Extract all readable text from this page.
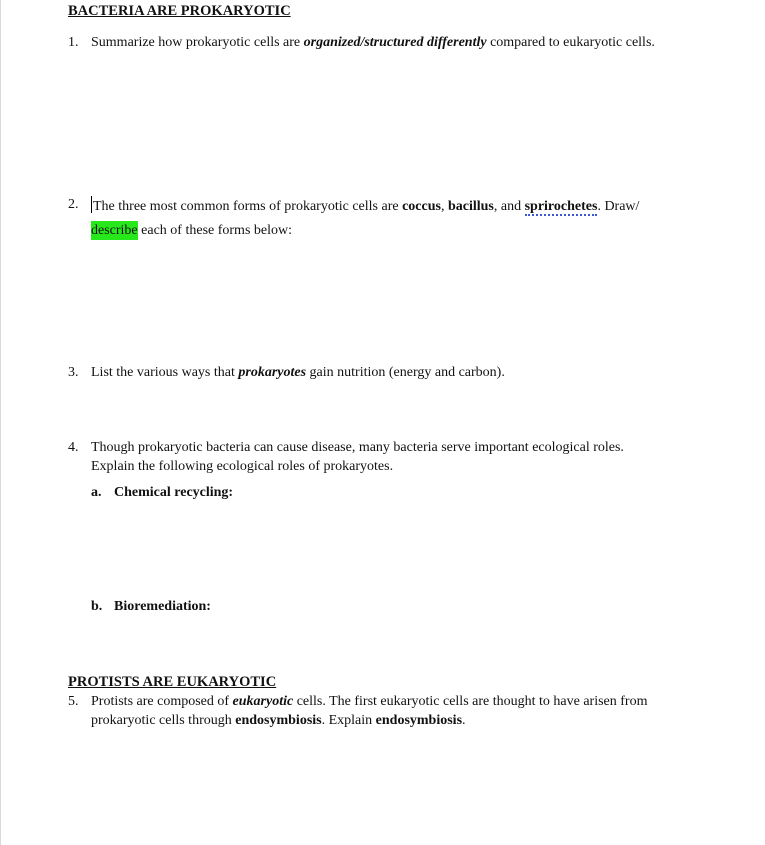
BACTERIA ARE PROKARYOTIC
1. Summarize how prokaryotic cells are organized/structured differently compared to eukaryotic cells.
2. The three most common forms of prokaryotic cells are coccus, bacillus, and sprirochetes. Draw/
describe each of these forms below:
3. List the various ways that prokaryotes gain nutrition (energy and carbon).
4. Though prokaryotic bacteria can cause disease, many bacteria serve important ecological roles.
Explain the following ecological roles of prokaryotes.
a. Chemical recycling:
b. Bioremediation:
PROTISTS ARE EUKARYOTIC
5. Protists are composed of eukaryotic cells. The first eukaryotic cells are thought to have arisen from
prokaryotic cells through endosymbiosis. Explain endosymbiosis.
